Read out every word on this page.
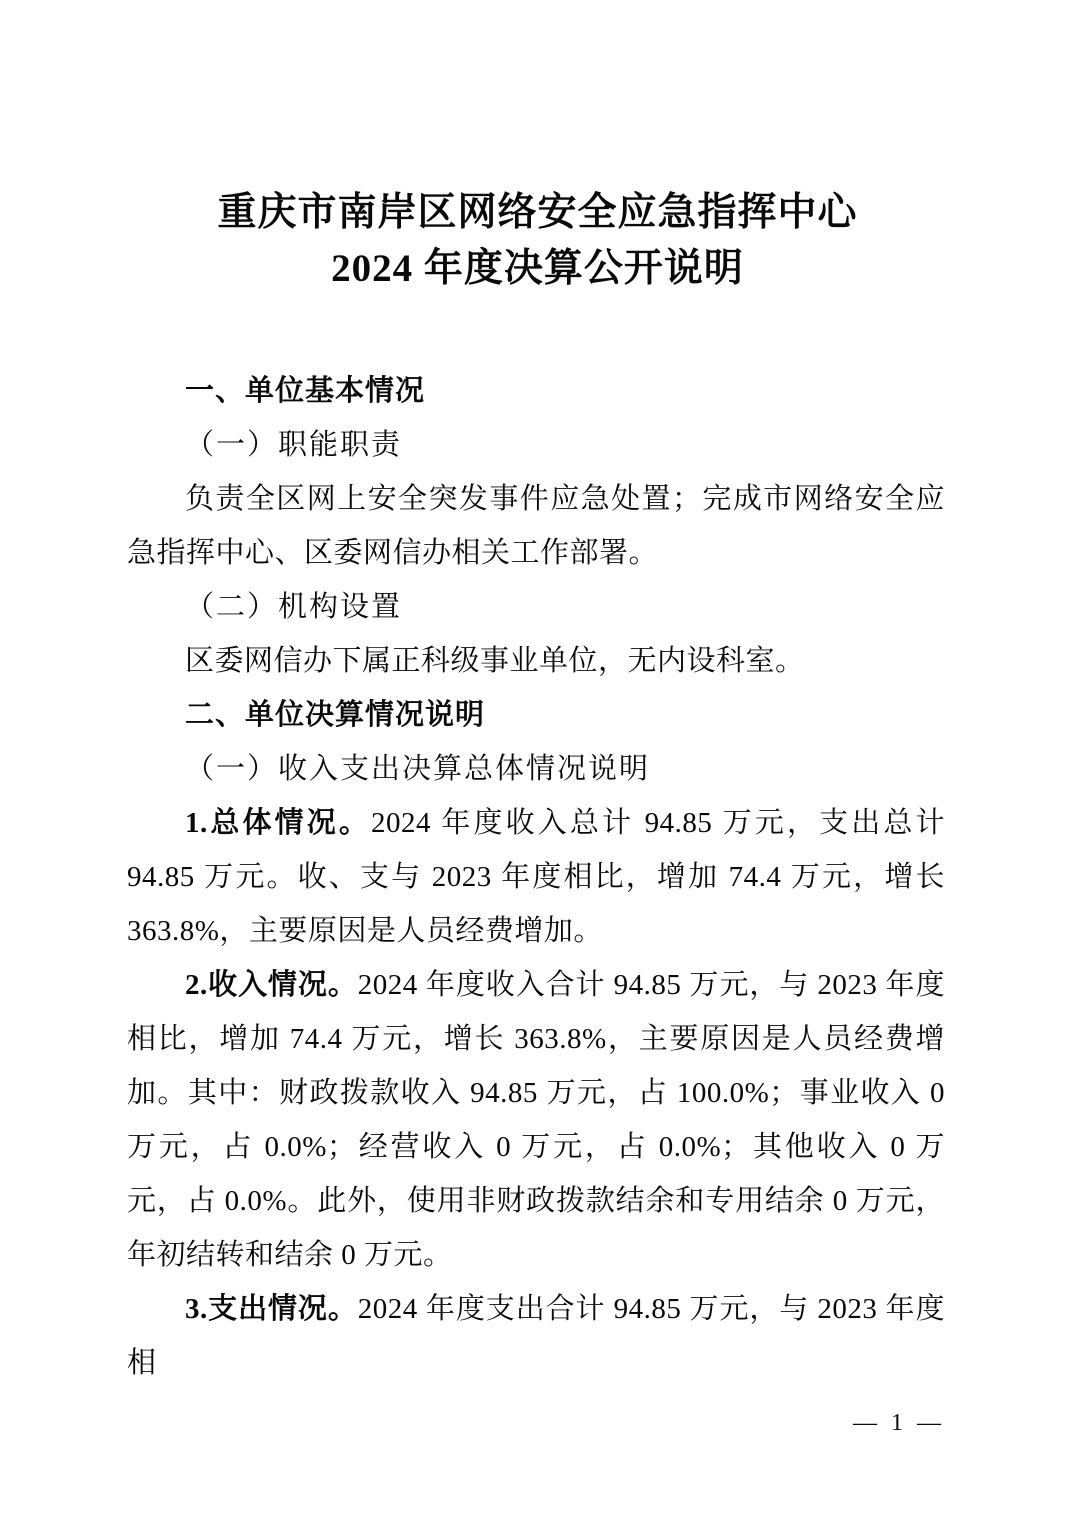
重庆市南岸区网络安全应急指挥中心
2024 年度决算公开说明

一、单位基本情况

（一）职能职责

负责全区网上安全突发事件应急处置；完成市网络安全应急指挥中心、区委网信办相关工作部署。

（二）机构设置

区委网信办下属正科级事业单位，无内设科室。

二、单位决算情况说明

（一）收入支出决算总体情况说明

1.总体情况。2024 年度收入总计 94.85 万元，支出总计 94.85 万元。收、支与 2023 年度相比，增加 74.4 万元，增长 363.8%，主要原因是人员经费增加。

2.收入情况。2024 年度收入合计 94.85 万元，与 2023 年度相比，增加 74.4 万元，增长 363.8%，主要原因是人员经费增加。其中：财政拨款收入 94.85 万元，占 100.0%；事业收入 0 万元，占 0.0%；经营收入 0 万元，占 0.0%；其他收入 0 万元，占 0.0%。此外，使用非财政拨款结余和专用结余 0 万元，年初结转和结余 0 万元。

3.支出情况。2024 年度支出合计 94.85 万元，与 2023 年度相

— 1 —
